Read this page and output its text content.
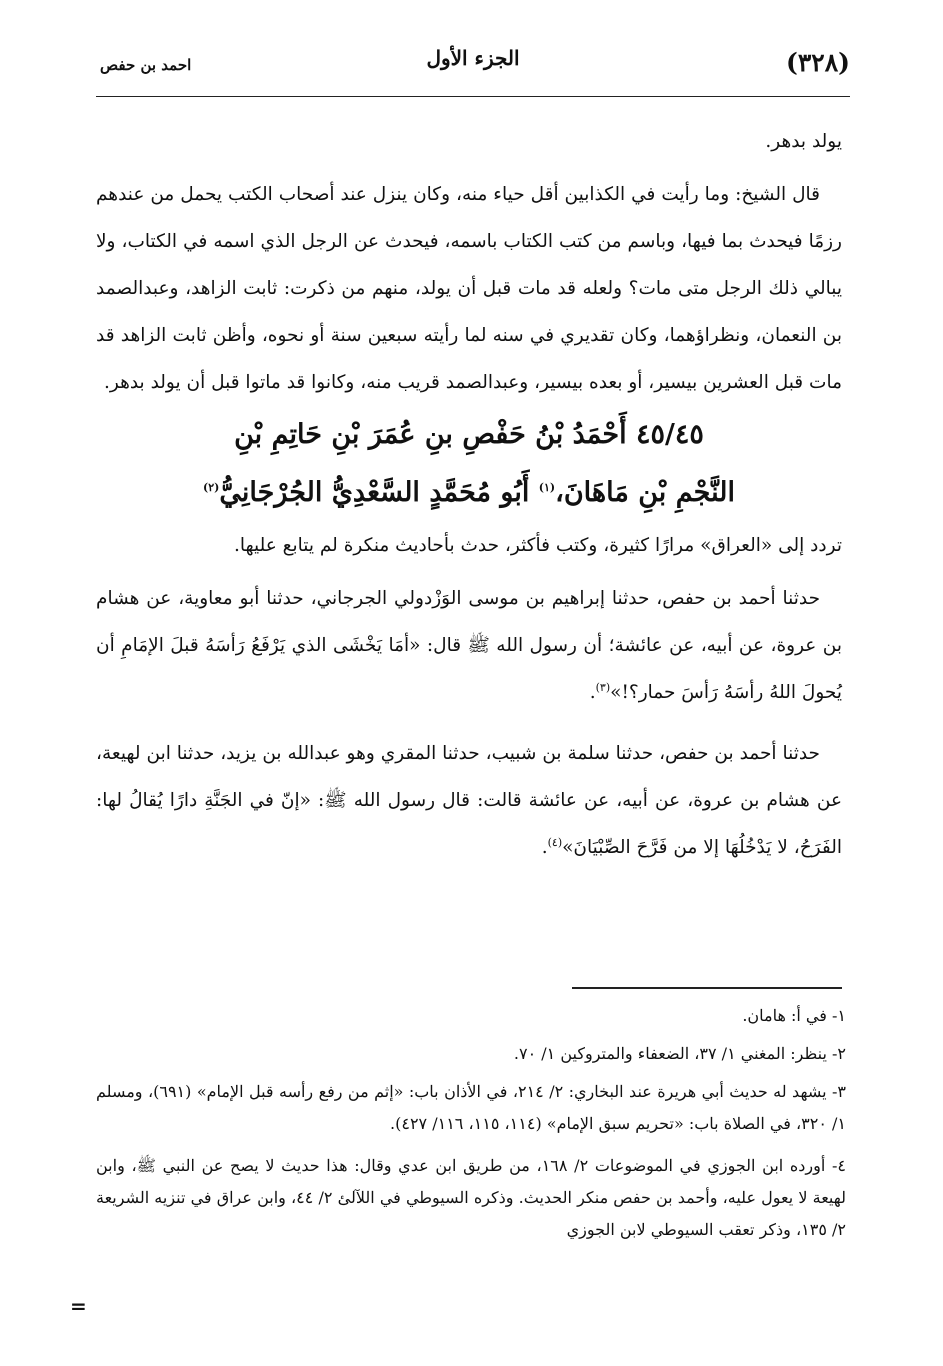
(٣٢٨)
الجزء الأول
احمد بن حفص

يولد بدهر.

قال الشيخ: وما رأيت في الكذابين أقل حياء منه، وكان ينزل عند أصحاب الكتب يحمل من عندهم رزمًا فيحدث بما فيها، وباسم من كتب الكتاب باسمه، فيحدث عن الرجل الذي اسمه في الكتاب، ولا يبالي ذلك الرجل متى مات؟ ولعله قد مات قبل أن يولد، منهم من ذكرت: ثابت الزاهد، وعبدالصمد بن النعمان، ونظراؤهما، وكان تقديري في سنه لما رأيته سبعين سنة أو نحوه، وأظن ثابت الزاهد قد مات قبل العشرين بيسير، أو بعده بيسير، وعبدالصمد قريب منه، وكانوا قد ماتوا قبل أن يولد بدهر.

٤٥/٤٥ أَحْمَدُ بْنُ حَفْصِ بنِ عُمَرَ بْنِ حَاتِمِ بْنِ
النَّجْمِ بْنِ مَاهَانَ،$^{(١)}$ أَبُو مُحَمَّدٍ السَّعْدِيُّ الجُرْجَانِيُّ$^{(٢)}$

تردد إلى «العراق» مرارًا كثيرة، وكتب فأكثر، حدث بأحاديث منكرة لم يتابع عليها.

حدثنا أحمد بن حفص، حدثنا إبراهيم بن موسى الوَزْدولي الجرجاني، حدثنا أبو معاوية، عن هشام بن عروة، عن أبيه، عن عائشة؛ أن رسول الله ﷺ قال: «أمَا يَخْشَى الذي يَرْفَعُ رَأسَهُ قبلَ الإمَامِ أن يُحولَ اللهُ رأسَهُ رَأسَ حمار؟!»$^{(٣)}$.

حدثنا أحمد بن حفص، حدثنا سلمة بن شبيب، حدثنا المقري وهو عبدالله بن يزيد، حدثنا ابن لهيعة، عن هشام بن عروة، عن أبيه، عن عائشة قالت: قال رسول الله ﷺ: «إنّ في الجَنَّةِ دارًا يُقالُ لها: الفَرَحُ، لا يَدْخُلُهَا إلا من فَرَّحَ الصِّبْيَانَ»$^{(٤)}$.

١- في أ: هامان.

٢- ينظر: المغني ١/ ٣٧، الضعفاء والمتروكين ١/ ٧٠.

٣- يشهد له حديث أبي هريرة عند البخاري: ٢/ ٢١٤، في الأذان باب: «إثم من رفع رأسه قبل الإمام» (٦٩١)، ومسلم ١/ ٣٢٠، في الصلاة باب: «تحريم سبق الإمام» (١١٤، ١١٥، ١١٦/ ٤٢٧).

٤- أورده ابن الجوزي في الموضوعات ٢/ ١٦٨، من طريق ابن عدي وقال: هذا حديث لا يصح عن النبي ﷺ، وابن لهيعة لا يعول عليه، وأحمد بن حفص منكر الحديث. وذكره السيوطي في اللآلئ ٢/ ٤٤، وابن عراق في تنزيه الشريعة ٢/ ١٣٥، وذكر تعقب السيوطي لابن الجوزي

=
